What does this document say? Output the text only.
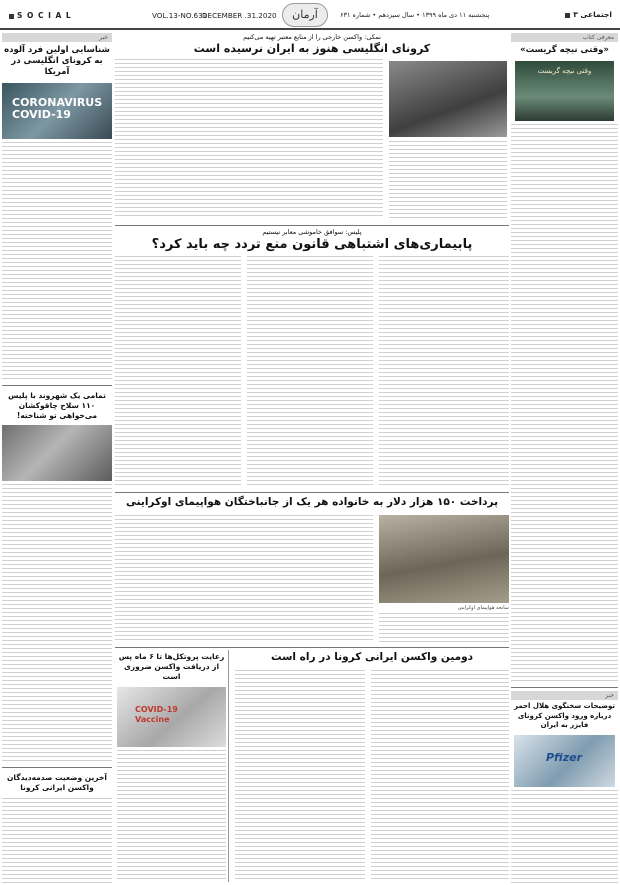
S O C I A L	VOL.13-NO.631
DECEMBER .31.2020	آرمان	پنجشنبه ۱۱ دی ماه ۱۳۹۹ • سال سیزدهم • شماره ۶۳۱	اجتماعی ۳
خبر
شناسایی اولین فرد آلوده به کرونای انگلیسی در آمریکا
CORONAVIRUS
COVID-19
تمامی یک شهروند با پلیس ۱۱۰ سلاح چاقوکشان می‌خواهی تو شناخته!
آخرین وضعیت صدمه‌دیدگان واکسن ایرانی کرونا
نمکی: واکسن خارجی را از منابع معتبر تهیه می‌کنیم
کرونای انگلیسی هنوز به ایران نرسیده است
پلیس: سوافق خاموشی معابر نیستیم
پا‌بیماری‌های اشتباهی قانون منع تردد چه باید کرد؟
پرداخت ۱۵۰ هزار دلار به خانواده هر یک از جانباختگان هواپیمای اوکراینی
سانحه هواپیمای اوکراینی
دومین واکسن ایرانی کرونا در راه است
رعایت پروتکل‌ها تا ۶ ماه پس از دریافت واکسن ضروری است
COVID-19
Vaccine
معرفی کتاب
«وقتی نیچه گریست»
وقتی نیچه گریست
خبر
توضیحات سخنگوی هلال احمر درباره ورود واکسن کرونای فایزر به ایران
Pfizer
